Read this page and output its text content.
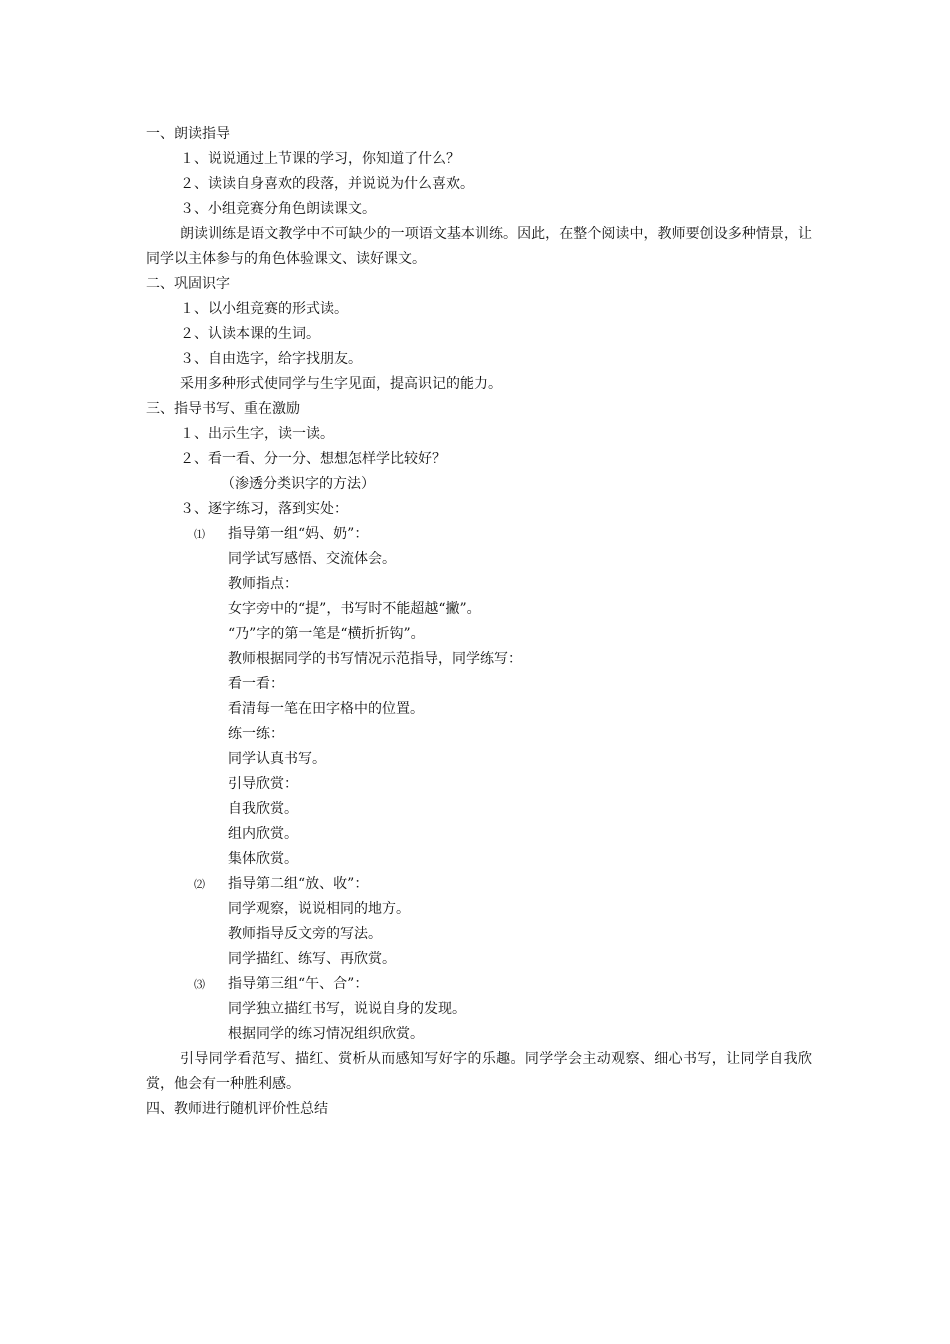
一、朗读指导
１、说说通过上节课的学习，你知道了什么？
２、读读自身喜欢的段落，并说说为什么喜欢。
３、小组竞赛分角色朗读课文。
朗读训练是语文教学中不可缺少的一项语文基本训练。因此，在整个阅读中，教师要创设多种情景，让同学以主体参与的角色体验课文、读好课文。
二、巩固识字
１、以小组竞赛的形式读。
２、认读本课的生词。
３、自由选字，给字找朋友。
采用多种形式使同学与生字见面，提高识记的能力。
三、指导书写、重在激励
１、出示生字，读一读。
２、看一看、分一分、想想怎样学比较好？
（渗透分类识字的方法）
３、逐字练习，落到实处：
⑴ 指导第一组“妈、奶”：
同学试写感悟、交流体会。
教师指点：
女字旁中的“提”，书写时不能超越“撇”。
“乃”字的第一笔是“横折折钩”。
教师根据同学的书写情况示范指导，同学练写：
看一看：
看清每一笔在田字格中的位置。
练一练：
同学认真书写。
引导欣赏：
自我欣赏。
组内欣赏。
集体欣赏。
⑵ 指导第二组“放、收”：
同学观察，说说相同的地方。
教师指导反文旁的写法。
同学描红、练写、再欣赏。
⑶ 指导第三组“午、合”：
同学独立描红书写，说说自身的发现。
根据同学的练习情况组织欣赏。
引导同学看范写、描红、赏析从而感知写好字的乐趣。同学学会主动观察、细心书写，让同学自我欣赏，他会有一种胜利感。
四、教师进行随机评价性总结
